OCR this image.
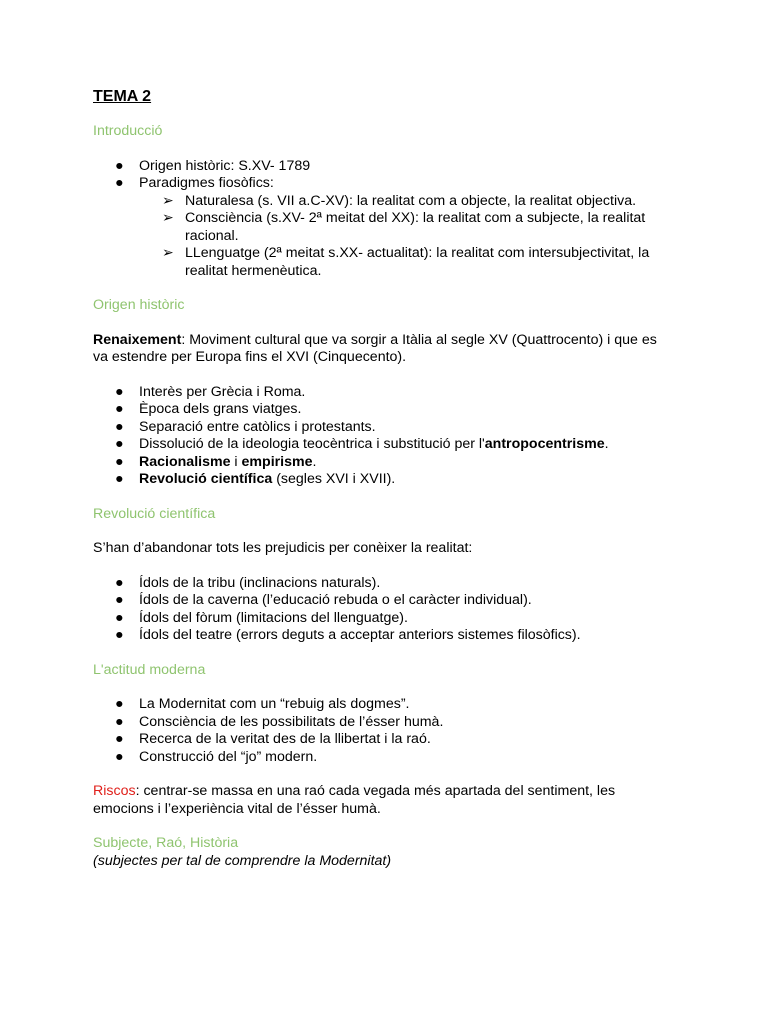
TEMA 2
Introducció
● Origen històric: S.XV- 1789
● Paradigmes fiosòfics:
➢ Naturalesa (s. VII a.C-XV): la realitat com a objecte, la realitat objectiva.
➢ Consciència (s.XV- 2ª meitat del XX): la realitat com a subjecte, la realitat racional.
➢ LLenguatge (2ª meitat s.XX- actualitat): la realitat com intersubjectivitat, la realitat hermenèutica.
Origen històric

Renaixement: Moviment cultural que va sorgir a Itàlia al segle XV (Quattrocento) i que es va estendre per Europa fins el XVI (Cinquecento).

● Interès per Grècia i Roma.
● Època dels grans viatges.
● Separació entre catòlics i protestants.
● Dissolució de la ideologia teocèntrica i substitució per l'antropocentrisme.
● Racionalisme i empirisme.
● Revolució científica (segles XVI i XVII).
Revolució científica

S’han d’abandonar tots les prejudicis per conèixer la realitat:

● Ídols de la tribu (inclinacions naturals).
● Ídols de la caverna (l’educació rebuda o el caràcter individual).
● Ídols del fòrum (limitacions del llenguatge).
● Ídols del teatre (errors deguts a acceptar anteriors sistemes filosòfics).
L'actitud moderna
● La Modernitat com un “rebuig als dogmes”.
● Consciència de les possibilitats de l’ésser humà.
● Recerca de la veritat des de la llibertat i la raó.
● Construcció del “jo” modern.

Riscos: centrar-se massa en una raó cada vegada més apartada del sentiment, les emocions i l’experiència vital de l’ésser humà.

Subjecte, Raó, Història
(subjectes per tal de comprendre la Modernitat)
